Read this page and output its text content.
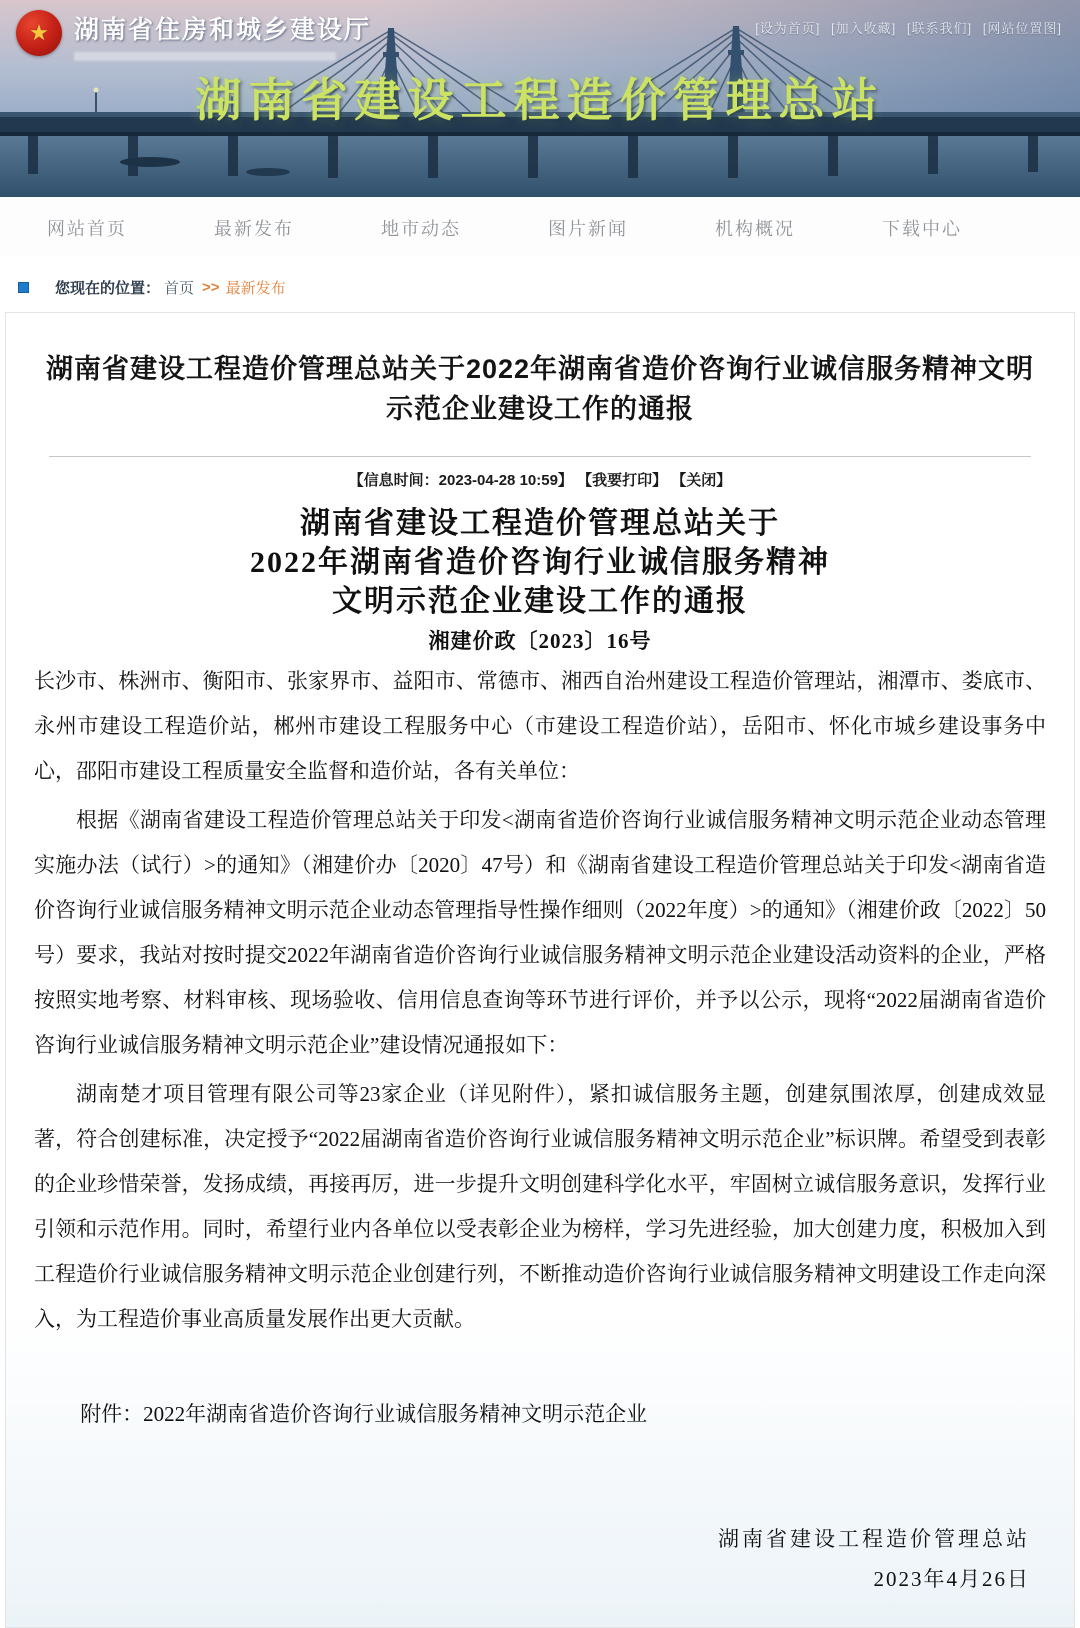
★ 湖南省住房和城乡建设厅	[设为首页] [加入收藏] [联系我们] [网站位置图]
湖南省建设工程造价管理总站
网站首页	最新发布	地市动态	图片新闻	机构概况	下载中心
您现在的位置： 首页 >> 最新发布
湖南省建设工程造价管理总站关于2022年湖南省造价咨询行业诚信服务精神文明示范企业建设工作的通报
【信息时间：2023-04-28 10:59】 【我要打印】 【关闭】
湖南省建设工程造价管理总站关于
2022年湖南省造价咨询行业诚信服务精神
文明示范企业建设工作的通报
湘建价政〔2023〕16号

长沙市、株洲市、衡阳市、张家界市、益阳市、常德市、湘西自治州建设工程造价管理站，湘潭市、娄底市、永州市建设工程造价站，郴州市建设工程服务中心（市建设工程造价站），岳阳市、怀化市城乡建设事务中心，邵阳市建设工程质量安全监督和造价站，各有关单位：

根据《湖南省建设工程造价管理总站关于印发<湖南省造价咨询行业诚信服务精神文明示范企业动态管理实施办法（试行）>的通知》（湘建价办〔2020〕47号）和《湖南省建设工程造价管理总站关于印发<湖南省造价咨询行业诚信服务精神文明示范企业动态管理指导性操作细则（2022年度）>的通知》（湘建价政〔2022〕50号）要求，我站对按时提交2022年湖南省造价咨询行业诚信服务精神文明示范企业建设活动资料的企业，严格按照实地考察、材料审核、现场验收、信用信息查询等环节进行评价，并予以公示，现将“2022届湖南省造价咨询行业诚信服务精神文明示范企业”建设情况通报如下：

湖南楚才项目管理有限公司等23家企业（详见附件），紧扣诚信服务主题，创建氛围浓厚，创建成效显著，符合创建标准，决定授予“2022届湖南省造价咨询行业诚信服务精神文明示范企业”标识牌。希望受到表彰的企业珍惜荣誉，发扬成绩，再接再厉，进一步提升文明创建科学化水平，牢固树立诚信服务意识，发挥行业引领和示范作用。同时，希望行业内各单位以受表彰企业为榜样，学习先进经验，加大创建力度，积极加入到工程造价行业诚信服务精神文明示范企业创建行列，不断推动造价咨询行业诚信服务精神文明建设工作走向深入，为工程造价事业高质量发展作出更大贡献。

附件：2022年湖南省造价咨询行业诚信服务精神文明示范企业

湖南省建设工程造价管理总站
2023年4月26日
